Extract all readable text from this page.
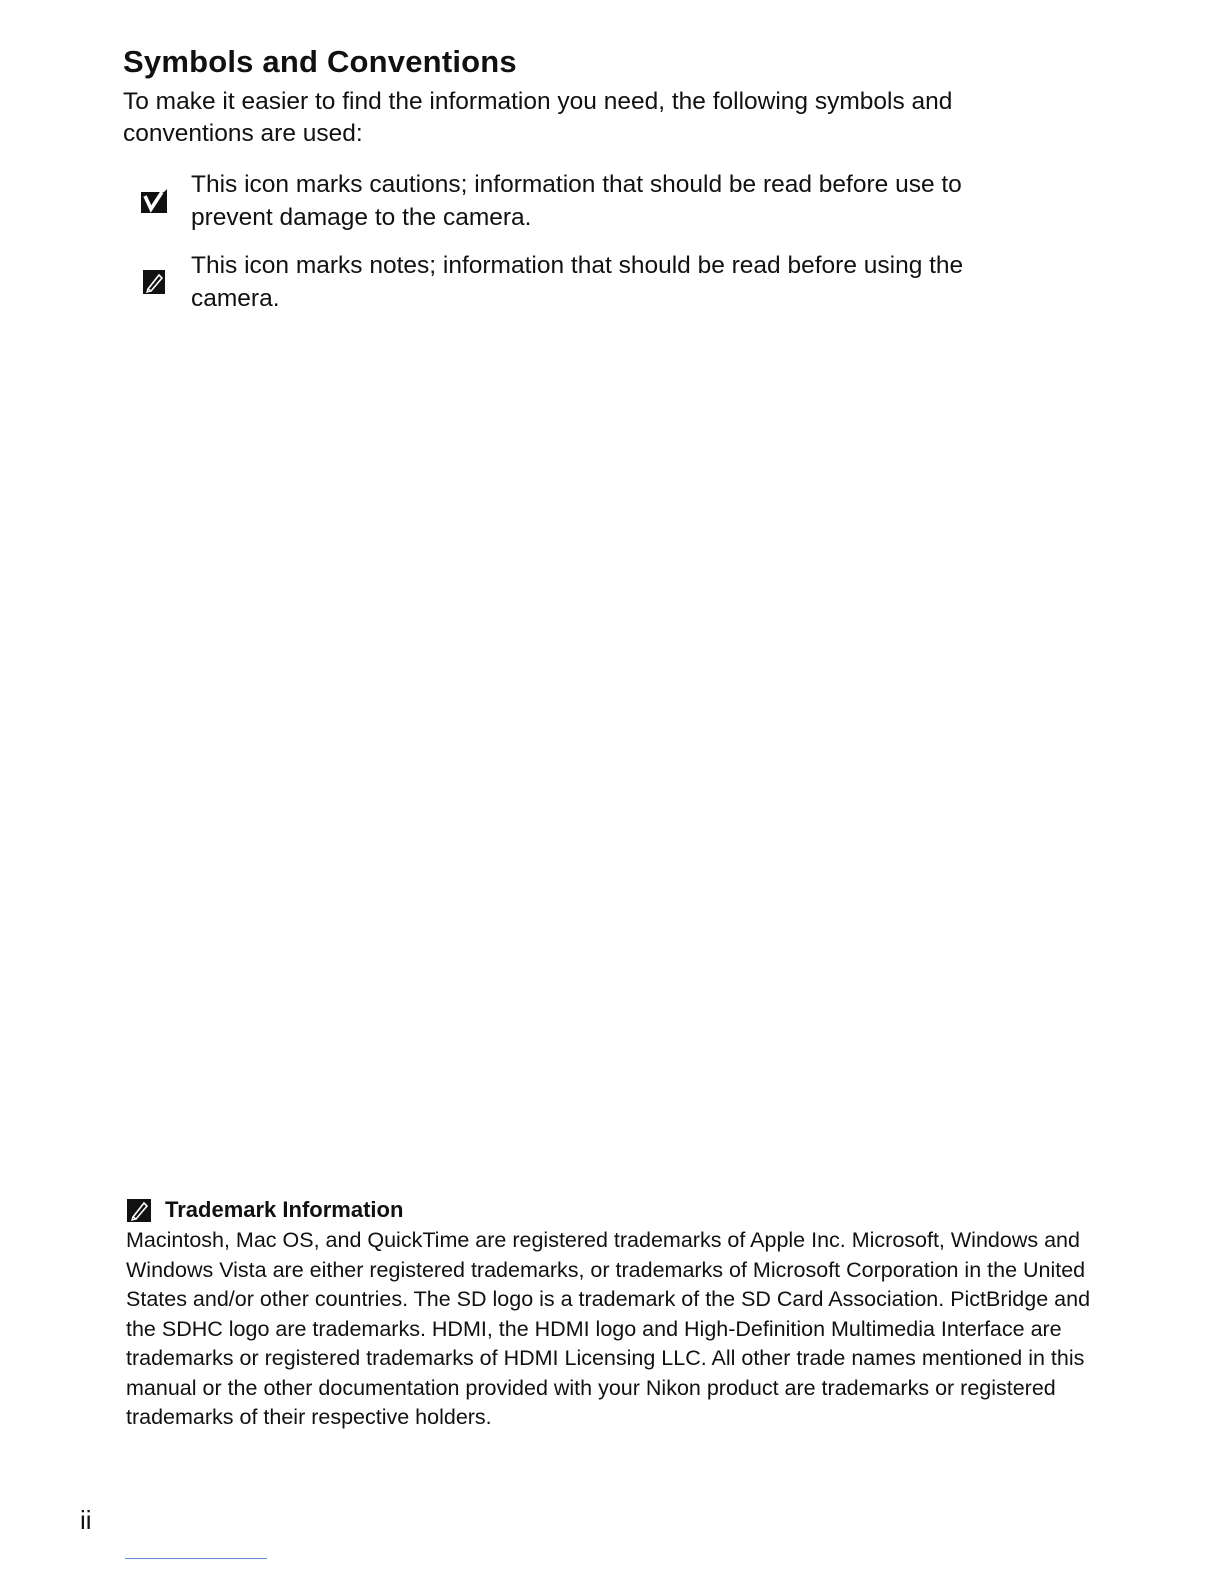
Symbols and Conventions

To make it easier to find the information you need, the following symbols and conventions are used:

This icon marks cautions; information that should be read before use to prevent damage to the camera.
This icon marks notes; information that should be read before using the camera.
Trademark Information

Macintosh, Mac OS, and QuickTime are registered trademarks of Apple Inc. Microsoft, Windows and Windows Vista are either registered trademarks, or trademarks of Microsoft Corporation in the United States and/or other countries. The SD logo is a trademark of the SD Card Association. PictBridge and the SDHC logo are trademarks. HDMI, the HDMI logo and High-Definition Multimedia Interface are trademarks or registered trademarks of HDMI Licensing LLC. All other trade names mentioned in this manual or the other documentation provided with your Nikon product are trademarks or registered trademarks of their respective holders.

ii
